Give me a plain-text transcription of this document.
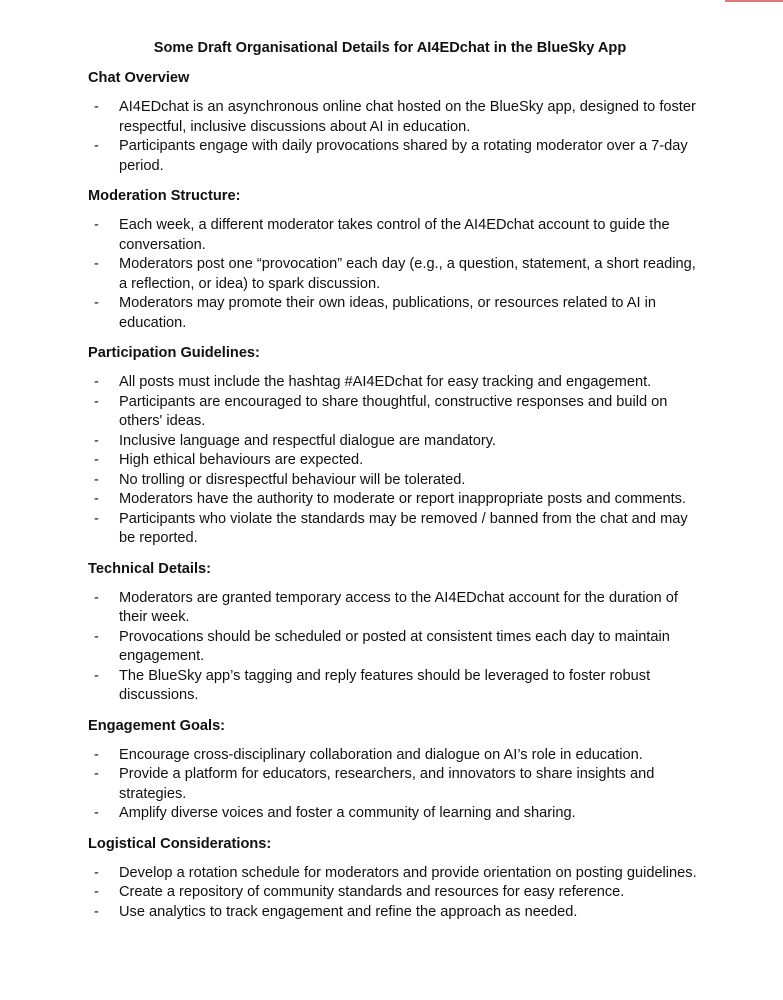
Some Draft Organisational Details for AI4EDchat in the BlueSky App
Chat Overview
- AI4EDchat is an asynchronous online chat hosted on the BlueSky app, designed to foster respectful, inclusive discussions about AI in education.
- Participants engage with daily provocations shared by a rotating moderator over a 7-day period.
Moderation Structure:
- Each week, a different moderator takes control of the AI4EDchat account to guide the conversation.
- Moderators post one “provocation” each day (e.g., a question, statement, a short reading, a reflection, or idea) to spark discussion.
- Moderators may promote their own ideas, publications, or resources related to AI in education.
Participation Guidelines:
- All posts must include the hashtag #AI4EDchat for easy tracking and engagement.
- Participants are encouraged to share thoughtful, constructive responses and build on others' ideas.
- Inclusive language and respectful dialogue are mandatory.
- High ethical behaviours are expected.
- No trolling or disrespectful behaviour will be tolerated.
- Moderators have the authority to moderate or report inappropriate posts and comments.
- Participants who violate the standards may be removed / banned from the chat and may be reported.
Technical Details:
- Moderators are granted temporary access to the AI4EDchat account for the duration of their week.
- Provocations should be scheduled or posted at consistent times each day to maintain engagement.
- The BlueSky app’s tagging and reply features should be leveraged to foster robust discussions.
Engagement Goals:
- Encourage cross-disciplinary collaboration and dialogue on AI’s role in education.
- Provide a platform for educators, researchers, and innovators to share insights and strategies.
- Amplify diverse voices and foster a community of learning and sharing.
Logistical Considerations:
- Develop a rotation schedule for moderators and provide orientation on posting guidelines.
- Create a repository of community standards and resources for easy reference.
- Use analytics to track engagement and refine the approach as needed.
